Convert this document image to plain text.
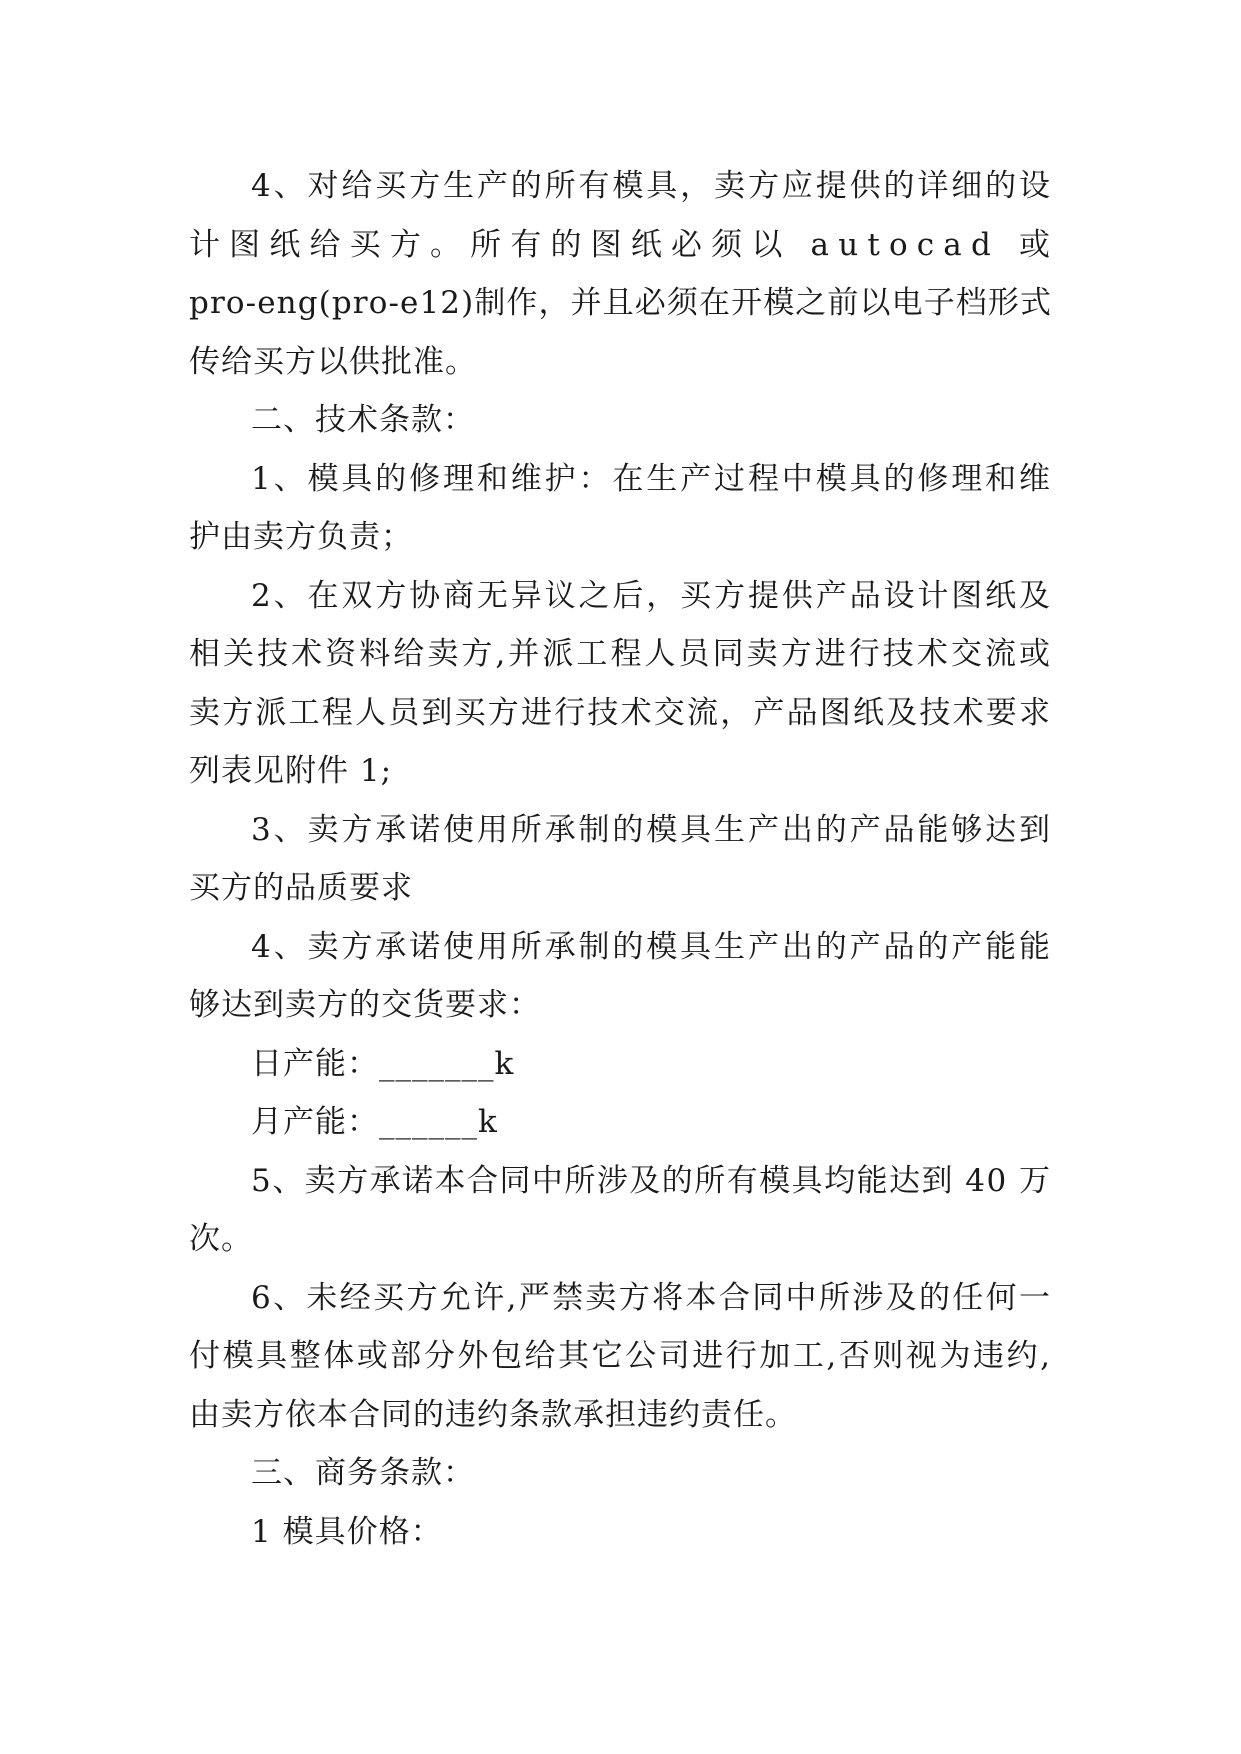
4、对给买方生产的所有模具，卖方应提供的详细的设
计图纸给买方。所有的图纸必须以 autocad 或
pro-eng(pro-e12)制作，并且必须在开模之前以电子档形式
传给买方以供批准。
二、技术条款：
1、模具的修理和维护：在生产过程中模具的修理和维
护由卖方负责；
2、在双方协商无异议之后，买方提供产品设计图纸及
相关技术资料给卖方,并派工程人员同卖方进行技术交流或
卖方派工程人员到买方进行技术交流，产品图纸及技术要求
列表见附件 1;
3、卖方承诺使用所承制的模具生产出的产品能够达到
买方的品质要求
4、卖方承诺使用所承制的模具生产出的产品的产能能
够达到卖方的交货要求：
日产能：_______k
月产能：______k
5、卖方承诺本合同中所涉及的所有模具均能达到 40 万
次。
6、未经买方允许,严禁卖方将本合同中所涉及的任何一
付模具整体或部分外包给其它公司进行加工,否则视为违约,
由卖方依本合同的违约条款承担违约责任。
三、商务条款：
1 模具价格：
